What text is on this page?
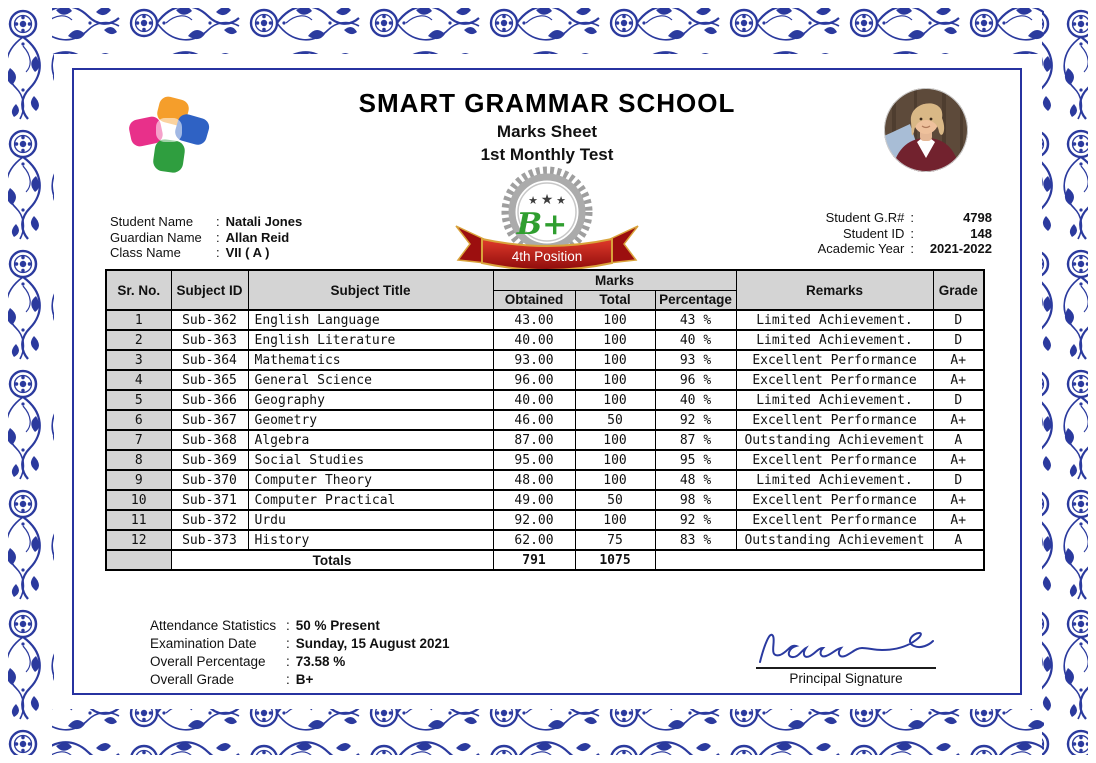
SMART GRAMMAR SCHOOL
Marks Sheet
1st Monthly Test
★ ★ ★
B+
4th Position
Student Name :	Natali Jones
Guardian Name :	Allan Reid
Class Name :	VII ( A )
Student G.R# :	4798
Student ID :	148
Academic Year :	2021-2022
Sr. No.	Subject ID	Subject Title	Marks			Remarks	Grade
			Obtained	Total	Percentage		
1	Sub-362	English Language	43.00	100	43 %	Limited Achievement.	D
2	Sub-363	English Literature	40.00	100	40 %	Limited Achievement.	D
3	Sub-364	Mathematics	93.00	100	93 %	Excellent Performance	A+
4	Sub-365	General Science	96.00	100	96 %	Excellent Performance	A+
5	Sub-366	Geography	40.00	100	40 %	Limited Achievement.	D
6	Sub-367	Geometry	46.00	50	92 %	Excellent Performance	A+
7	Sub-368	Algebra	87.00	100	87 %	Outstanding Achievement	A
8	Sub-369	Social Studies	95.00	100	95 %	Excellent Performance	A+
9	Sub-370	Computer Theory	48.00	100	48 %	Limited Achievement.	D
10	Sub-371	Computer Practical	49.00	50	98 %	Excellent Performance	A+
11	Sub-372	Urdu	92.00	100	92 %	Excellent Performance	A+
12	Sub-373	History	62.00	75	83 %	Outstanding Achievement	A
	Totals		791	1075			
Attendance Statistics : 50 % Present
Examination Date :	Sunday, 15 August 2021
Overall Percentage :	73.58 %
Overall Grade :	B+	Principal Signature
